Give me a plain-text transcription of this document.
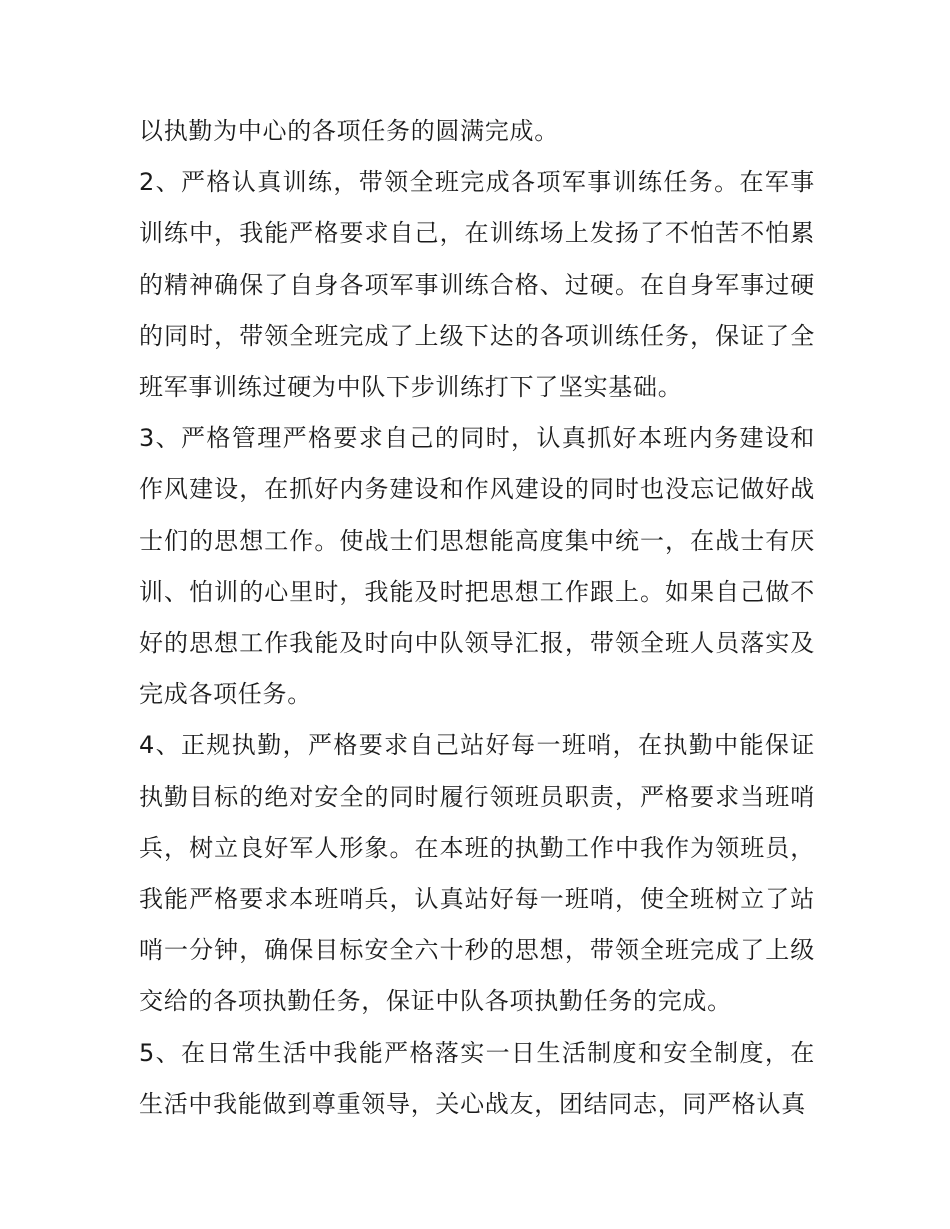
以执勤为中心的各项任务的圆满完成。

2、严格认真训练，带领全班完成各项军事训练任务。在军事训练中，我能严格要求自己，在训练场上发扬了不怕苦不怕累的精神确保了自身各项军事训练合格、过硬。在自身军事过硬的同时，带领全班完成了上级下达的各项训练任务，保证了全班军事训练过硬为中队下步训练打下了坚实基础。

3、严格管理严格要求自己的同时，认真抓好本班内务建设和作风建设，在抓好内务建设和作风建设的同时也没忘记做好战士们的思想工作。使战士们思想能高度集中统一，在战士有厌训、怕训的心里时，我能及时把思想工作跟上。如果自己做不好的思想工作我能及时向中队领导汇报，带领全班人员落实及完成各项任务。

4、正规执勤，严格要求自己站好每一班哨，在执勤中能保证执勤目标的绝对安全的同时履行领班员职责，严格要求当班哨兵，树立良好军人形象。在本班的执勤工作中我作为领班员，我能严格要求本班哨兵，认真站好每一班哨，使全班树立了站哨一分钟，确保目标安全六十秒的思想，带领全班完成了上级交给的各项执勤任务，保证中队各项执勤任务的完成。

5、在日常生活中我能严格落实一日生活制度和安全制度，在生活中我能做到尊重领导，关心战友，团结同志，同严格认真
